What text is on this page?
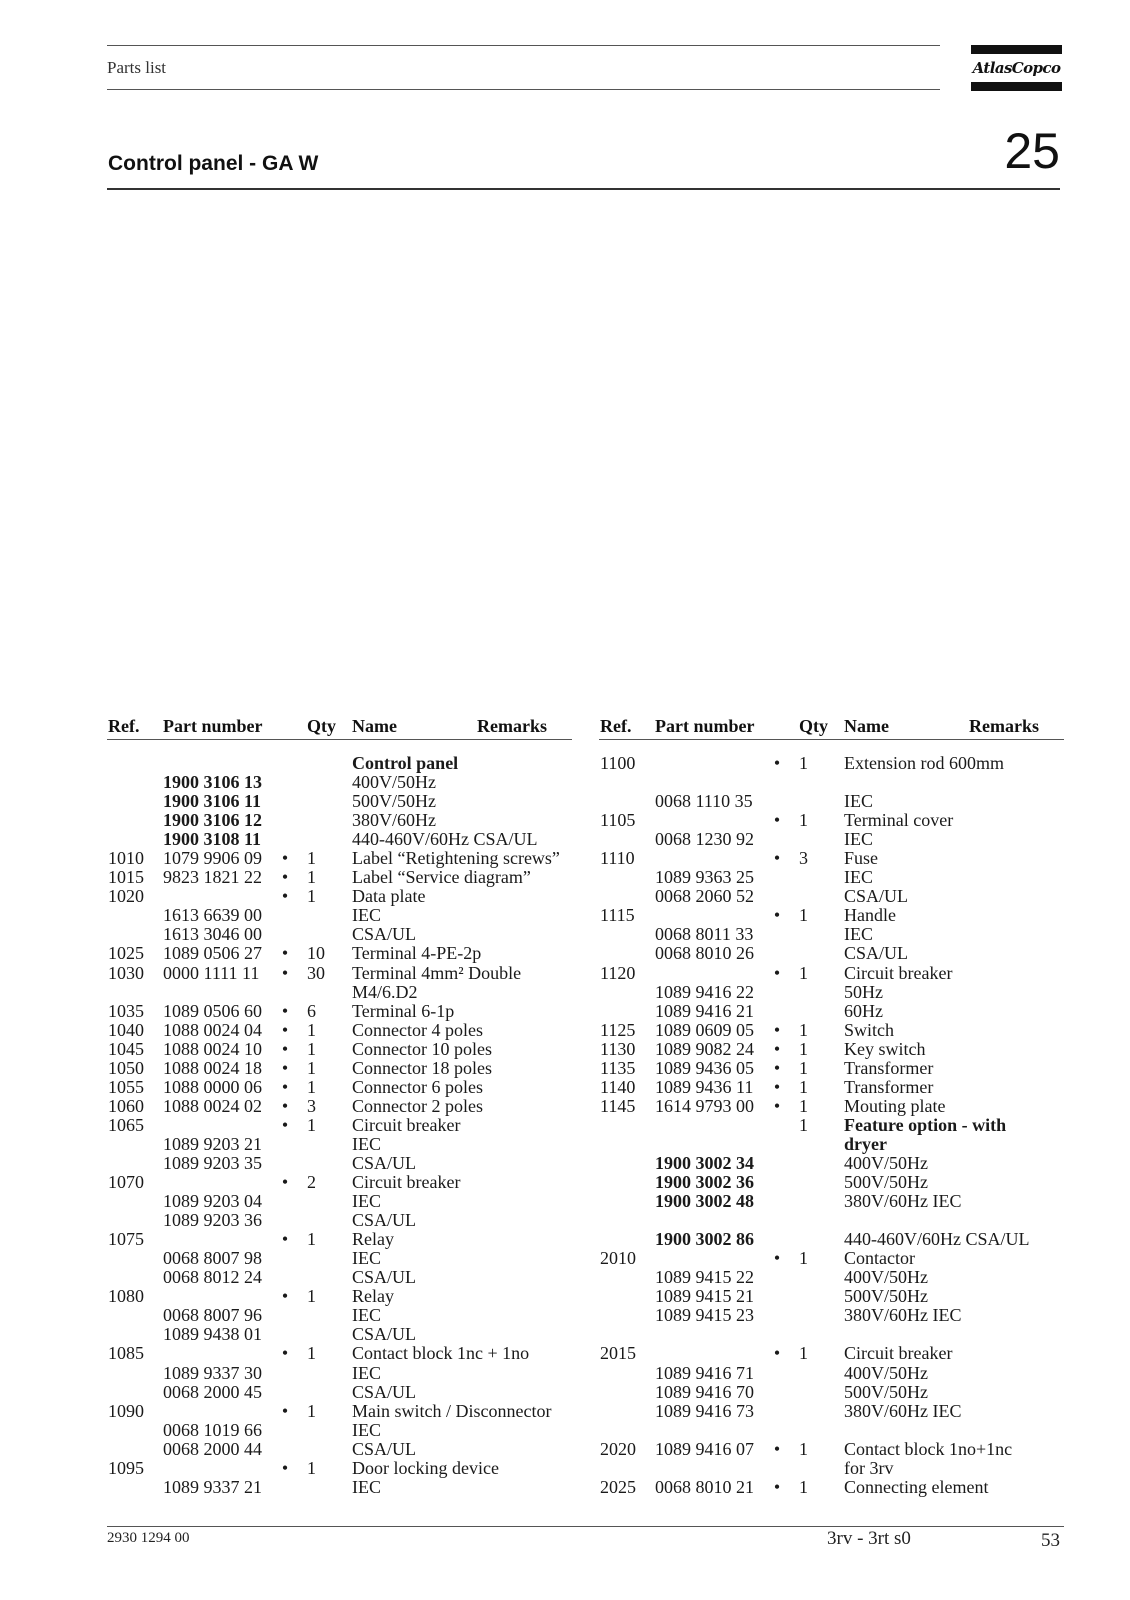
Parts list	AtlasCopco
Control panel - GA W	25
Ref. Part number Qty Name	Remarks	Ref. Part number Qty Name	Remarks
Control panel
1900 3106 13	400V/50Hz
1900 3106 11	500V/50Hz
1900 3106 12	380V/60Hz
1900 3108 11	440-460V/60Hz CSA/UL
1010 1079 9906 09 • 1 Label “Retightening screws”
1015 9823 1821 22 • 1 Label “Service diagram”
1020	• 1 Data plate
1613 6639 00	IEC
1613 3046 00	CSA/UL
1025 1089 0506 27 • 10 Terminal 4-PE-2p
1030 0000 1111 11 • 30 Terminal 4mm² Double
M4/6.D2
1035 1089 0506 60 • 6 Terminal 6-1p
1040 1088 0024 04 • 1 Connector 4 poles
1045 1088 0024 10 • 1 Connector 10 poles
1050 1088 0024 18 • 1 Connector 18 poles
1055 1088 0000 06 • 1 Connector 6 poles
1060 1088 0024 02 • 3 Connector 2 poles
1065	• 1 Circuit breaker
1089 9203 21	IEC
1089 9203 35	CSA/UL
1070	• 2 Circuit breaker
1089 9203 04	IEC
1089 9203 36	CSA/UL
1075	• 1 Relay
0068 8007 98	IEC
0068 8012 24	CSA/UL
1080	• 1 Relay
0068 8007 96	IEC
1089 9438 01	CSA/UL
1085	• 1 Contact block 1nc + 1no
1089 9337 30	IEC
0068 2000 45	CSA/UL
1090	• 1 Main switch / Disconnector
0068 1019 66	IEC
0068 2000 44	CSA/UL
1095	• 1 Door locking device
1089 9337 21	IEC
1100	• 1 Extension rod 600mm
0068 1110 35	IEC
1105	• 1 Terminal cover
0068 1230 92	IEC
1110	• 3 Fuse
1089 9363 25	IEC
0068 2060 52	CSA/UL
1115	• 1 Handle
0068 8011 33	IEC
0068 8010 26	CSA/UL
1120	• 1 Circuit breaker
1089 9416 22	50Hz
1089 9416 21	60Hz
1125 1089 0609 05 • 1 Switch
1130 1089 9082 24 • 1 Key switch
1135 1089 9436 05 • 1 Transformer
1140 1089 9436 11 • 1 Transformer
1145 1614 9793 00 • 1 Mouting plate
1 Feature option - with
dryer
1900 3002 34	400V/50Hz
1900 3002 36	500V/50Hz
1900 3002 48	380V/60Hz IEC
1900 3002 86	440-460V/60Hz CSA/UL
2010	• 1 Contactor
1089 9415 22	400V/50Hz
1089 9415 21	500V/50Hz
1089 9415 23	380V/60Hz IEC
2015	• 1 Circuit breaker
1089 9416 71	400V/50Hz
1089 9416 70	500V/50Hz
1089 9416 73	380V/60Hz IEC
2020 1089 9416 07 • 1 Contact block 1no+1nc
for 3rv
2025 0068 8010 21 • 1 Connecting element
2930 1294 00	3rv - 3rt s0	53
